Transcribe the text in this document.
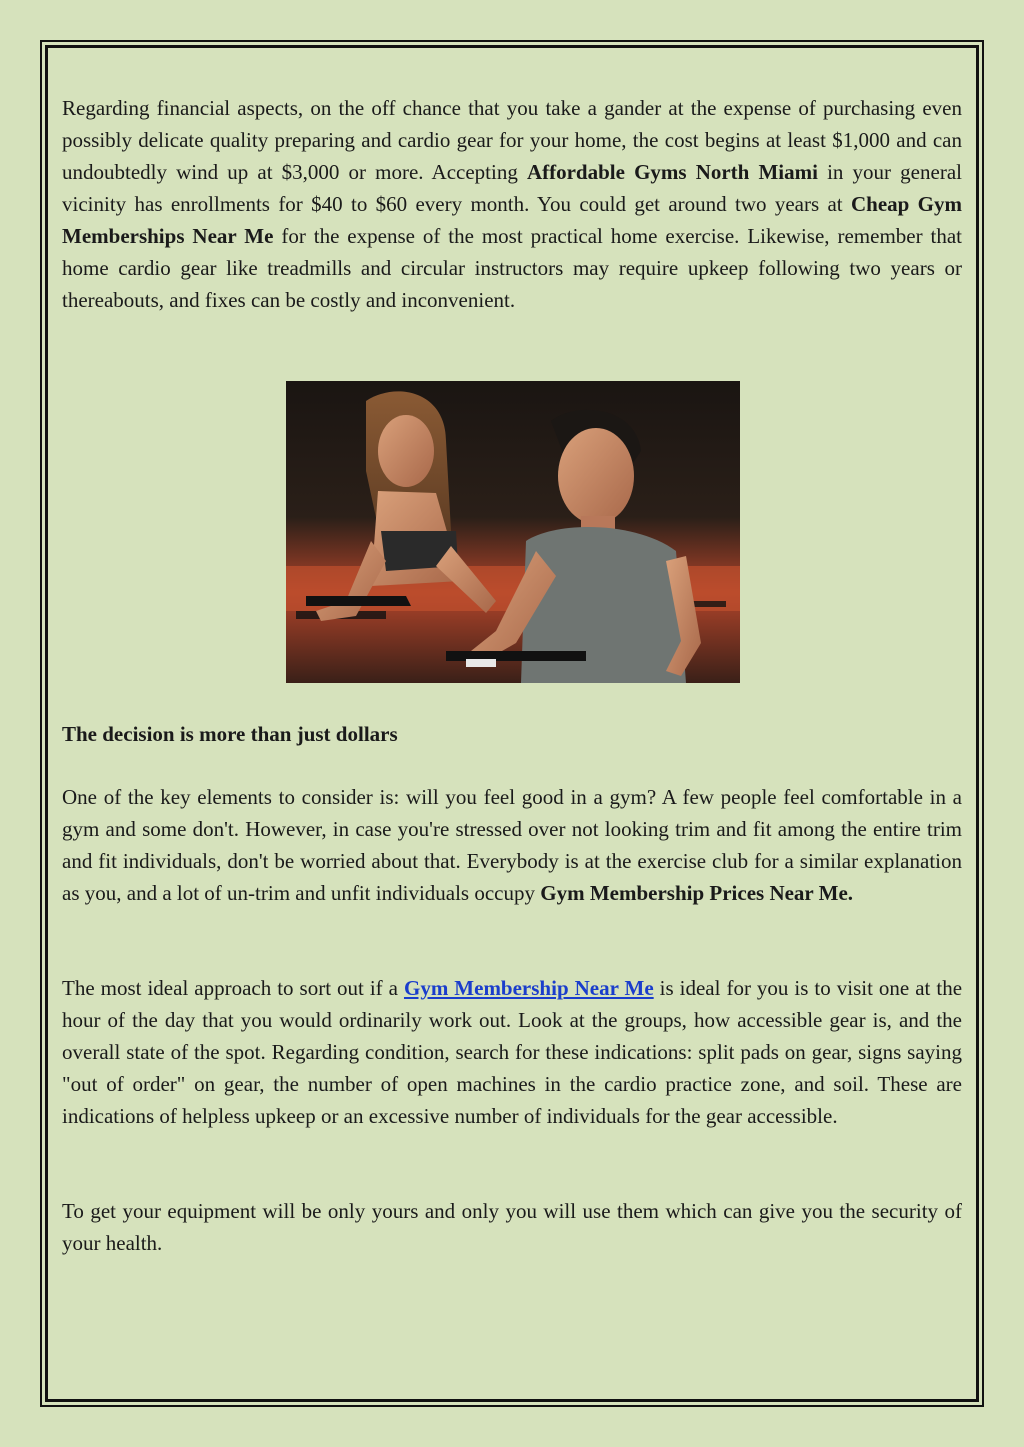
Regarding financial aspects, on the off chance that you take a gander at the expense of purchasing even possibly delicate quality preparing and cardio gear for your home, the cost begins at least $1,000 and can undoubtedly wind up at $3,000 or more. Accepting Affordable Gyms North Miami in your general vicinity has enrollments for $40 to $60 every month. You could get around two years at Cheap Gym Memberships Near Me for the expense of the most practical home exercise. Likewise, remember that home cardio gear like treadmills and circular instructors may require upkeep following two years or thereabouts, and fixes can be costly and inconvenient.

The decision is more than just dollars
One of the key elements to consider is: will you feel good in a gym? A few people feel comfortable in a gym and some don't. However, in case you're stressed over not looking trim and fit among the entire trim and fit individuals, don't be worried about that. Everybody is at the exercise club for a similar explanation as you, and a lot of un-trim and unfit individuals occupy Gym Membership Prices Near Me.
The most ideal approach to sort out if a Gym Membership Near Me is ideal for you is to visit one at the hour of the day that you would ordinarily work out. Look at the groups, how accessible gear is, and the overall state of the spot. Regarding condition, search for these indications: split pads on gear, signs saying "out of order" on gear, the number of open machines in the cardio practice zone, and soil. These are indications of helpless upkeep or an excessive number of individuals for the gear accessible.
To get your equipment will be only yours and only you will use them which can give you the security of your health.
